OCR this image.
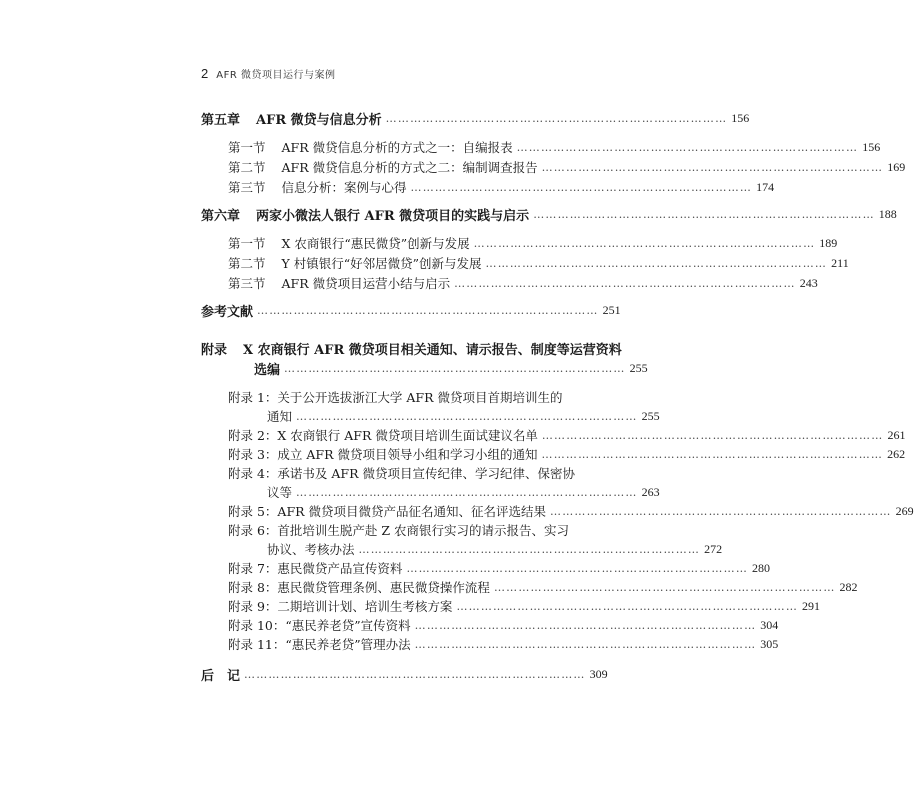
2 AFR 微贷项目运行与案例
第五章 AFR 微贷与信息分析 ………………………………………………………………………… 156
第一节 AFR 微贷信息分析的方式之一：自编报表 ………………………………………………………………………… 156
第二节 AFR 微贷信息分析的方式之二：编制调查报告 ………………………………………………………………………… 169
第三节 信息分析：案例与心得 ………………………………………………………………………… 174
第六章 两家小微法人银行 AFR 微贷项目的实践与启示 ………………………………………………………………………… 188
第一节 X 农商银行“惠民微贷”创新与发展 ………………………………………………………………………… 189
第二节 Y 村镇银行“好邻居微贷”创新与发展 ………………………………………………………………………… 211
第三节 AFR 微贷项目运营小结与启示 ………………………………………………………………………… 243
参考文献 ………………………………………………………………………… 251
附录 X 农商银行 AFR 微贷项目相关通知、请示报告、制度等运营资料
选编 ………………………………………………………………………… 255
附录 1：关于公开选拔浙江大学 AFR 微贷项目首期培训生的
通知 ………………………………………………………………………… 255
附录 2：X 农商银行 AFR 微贷项目培训生面试建议名单 ………………………………………………………………………… 261
附录 3：成立 AFR 微贷项目领导小组和学习小组的通知 ………………………………………………………………………… 262
附录 4：承诺书及 AFR 微贷项目宣传纪律、学习纪律、保密协
议等 ………………………………………………………………………… 263
附录 5：AFR 微贷项目微贷产品征名通知、征名评选结果 ………………………………………………………………………… 269
附录 6：首批培训生脱产赴 Z 农商银行实习的请示报告、实习
协议、考核办法 ………………………………………………………………………… 272
附录 7：惠民微贷产品宣传资料 ………………………………………………………………………… 280
附录 8：惠民微贷管理条例、惠民微贷操作流程 ………………………………………………………………………… 282
附录 9：二期培训计划、培训生考核方案 ………………………………………………………………………… 291
附录 10：“惠民养老贷”宣传资料 ………………………………………………………………………… 304
附录 11：“惠民养老贷”管理办法 ………………………………………………………………………… 305
后　记 ………………………………………………………………………… 309
